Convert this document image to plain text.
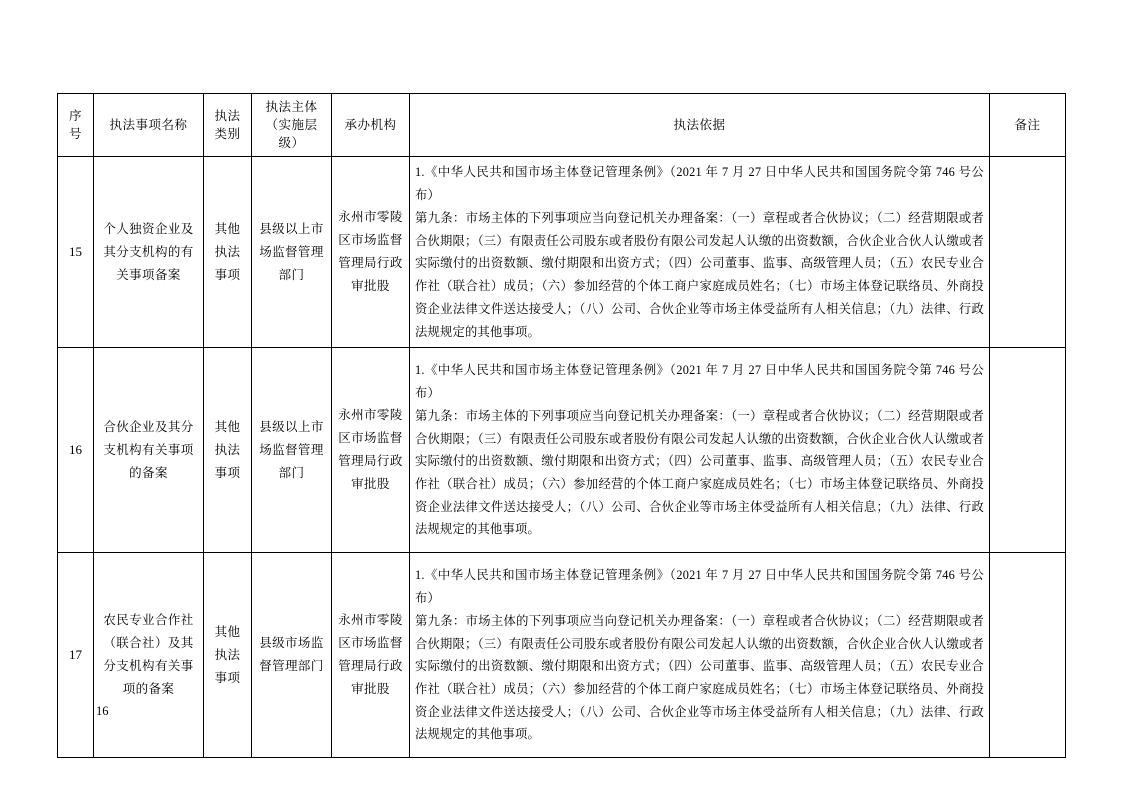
序号	执法事项名称	执法类别	执法主体（实施层级）	承办机构	执法依据	备注
15	个人独资企业及其分支机构的有关事项备案	其他执法事项	县级以上市场监督管理部门	永州市零陵区市场监督管理局行政审批股	1.《中华人民共和国市场主体登记管理条例》（2021 年 7 月 27 日中华人民共和国国务院令第 746 号公布）

第九条：市场主体的下列事项应当向登记机关办理备案：（一）章程或者合伙协议；（二）经营期限或者合伙期限；（三）有限责任公司股东或者股份有限公司发起人认缴的出资数额，合伙企业合伙人认缴或者实际缴付的出资数额、缴付期限和出资方式；（四）公司董事、监事、高级管理人员；（五）农民专业合作社（联合社）成员；（六）参加经营的个体工商户家庭成员姓名；（七）市场主体登记联络员、外商投资企业法律文件送达接受人；（八）公司、合伙企业等市场主体受益所有人相关信息；（九）法律、行政法规规定的其他事项。	

16	合伙企业及其分支机构有关事项的备案	其他执法事项	县级以上市场监督管理部门	永州市零陵区市场监督管理局行政审批股	1.《中华人民共和国市场主体登记管理条例》（2021 年 7 月 27 日中华人民共和国国务院令第 746 号公布）

第九条：市场主体的下列事项应当向登记机关办理备案：（一）章程或者合伙协议；（二）经营期限或者合伙期限；（三）有限责任公司股东或者股份有限公司发起人认缴的出资数额，合伙企业合伙人认缴或者实际缴付的出资数额、缴付期限和出资方式；（四）公司董事、监事、高级管理人员；（五）农民专业合作社（联合社）成员；（六）参加经营的个体工商户家庭成员姓名；（七）市场主体登记联络员、外商投资企业法律文件送达接受人；（八）公司、合伙企业等市场主体受益所有人相关信息；（九）法律、行政法规规定的其他事项。	

17	农民专业合作社（联合社）及其分支机构有关事项的备案	其他执法事项	县级市场监督管理部门	永州市零陵区市场监督管理局行政审批股	1.《中华人民共和国市场主体登记管理条例》（2021 年 7 月 27 日中华人民共和国国务院令第 746 号公布）

第九条：市场主体的下列事项应当向登记机关办理备案：（一）章程或者合伙协议；（二）经营期限或者合伙期限；（三）有限责任公司股东或者股份有限公司发起人认缴的出资数额，合伙企业合伙人认缴或者实际缴付的出资数额、缴付期限和出资方式；（四）公司董事、监事、高级管理人员；（五）农民专业合作社（联合社）成员；（六）参加经营的个体工商户家庭成员姓名；（七）市场主体登记联络员、外商投资企业法律文件送达接受人；（八）公司、合伙企业等市场主体受益所有人相关信息；（九）法律、行政法规规定的其他事项。	

16
